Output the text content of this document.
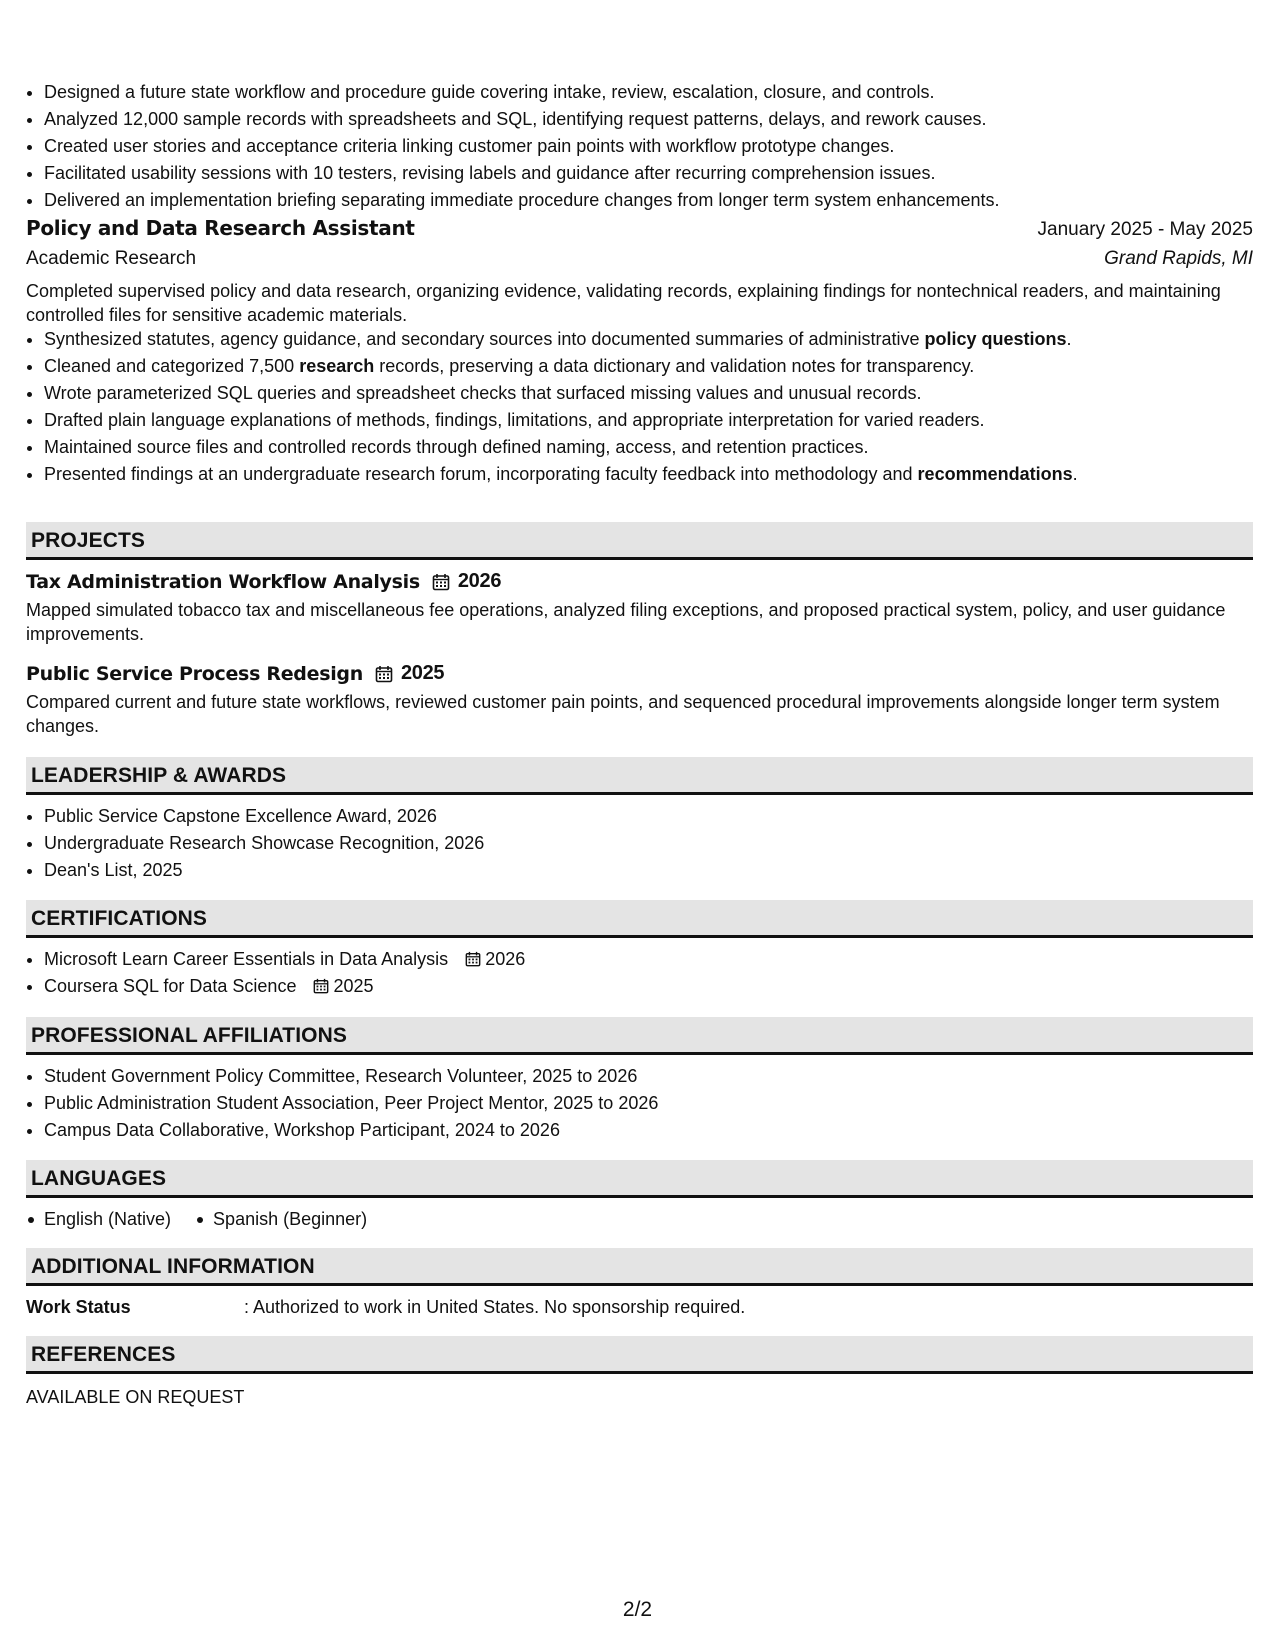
• Designed a future state workflow and procedure guide covering intake, review, escalation, closure, and controls.
• Analyzed 12,000 sample records with spreadsheets and SQL, identifying request patterns, delays, and rework causes.
• Created user stories and acceptance criteria linking customer pain points with workflow prototype changes.
• Facilitated usability sessions with 10 testers, revising labels and guidance after recurring comprehension issues.
• Delivered an implementation briefing separating immediate procedure changes from longer term system enhancements.
Policy and Data Research Assistant	January 2025 - May 2025
Academic Research	Grand Rapids, MI

Completed supervised policy and data research, organizing evidence, validating records, explaining findings for nontechnical readers, and maintaining controlled files for sensitive academic materials.

• Synthesized statutes, agency guidance, and secondary sources into documented summaries of administrative policy questions.
• Cleaned and categorized 7,500 research records, preserving a data dictionary and validation notes for transparency.
• Wrote parameterized SQL queries and spreadsheet checks that surfaced missing values and unusual records.
• Drafted plain language explanations of methods, findings, limitations, and appropriate interpretation for varied readers.
• Maintained source files and controlled records through defined naming, access, and retention practices.
• Presented findings at an undergraduate research forum, incorporating faculty feedback into methodology and recommendations.
PROJECTS
Tax Administration Workflow Analysis 2026

Mapped simulated tobacco tax and miscellaneous fee operations, analyzed filing exceptions, and proposed practical system, policy, and user guidance improvements.

Public Service Process Redesign 2025

Compared current and future state workflows, reviewed customer pain points, and sequenced procedural improvements alongside longer term system changes.

LEADERSHIP & AWARDS
• Public Service Capstone Excellence Award, 2026
• Undergraduate Research Showcase Recognition, 2026
• Dean's List, 2025
CERTIFICATIONS
• Microsoft Learn Career Essentials in Data Analysis 2026
• Coursera SQL for Data Science 2025
PROFESSIONAL AFFILIATIONS
• Student Government Policy Committee, Research Volunteer, 2025 to 2026
• Public Administration Student Association, Peer Project Mentor, 2025 to 2026
• Campus Data Collaborative, Workshop Participant, 2024 to 2026
LANGUAGES
English (Native)	Spanish (Beginner)
ADDITIONAL INFORMATION
Work Status	: Authorized to work in United States. No sponsorship required.
REFERENCES
AVAILABLE ON REQUEST
2/2
